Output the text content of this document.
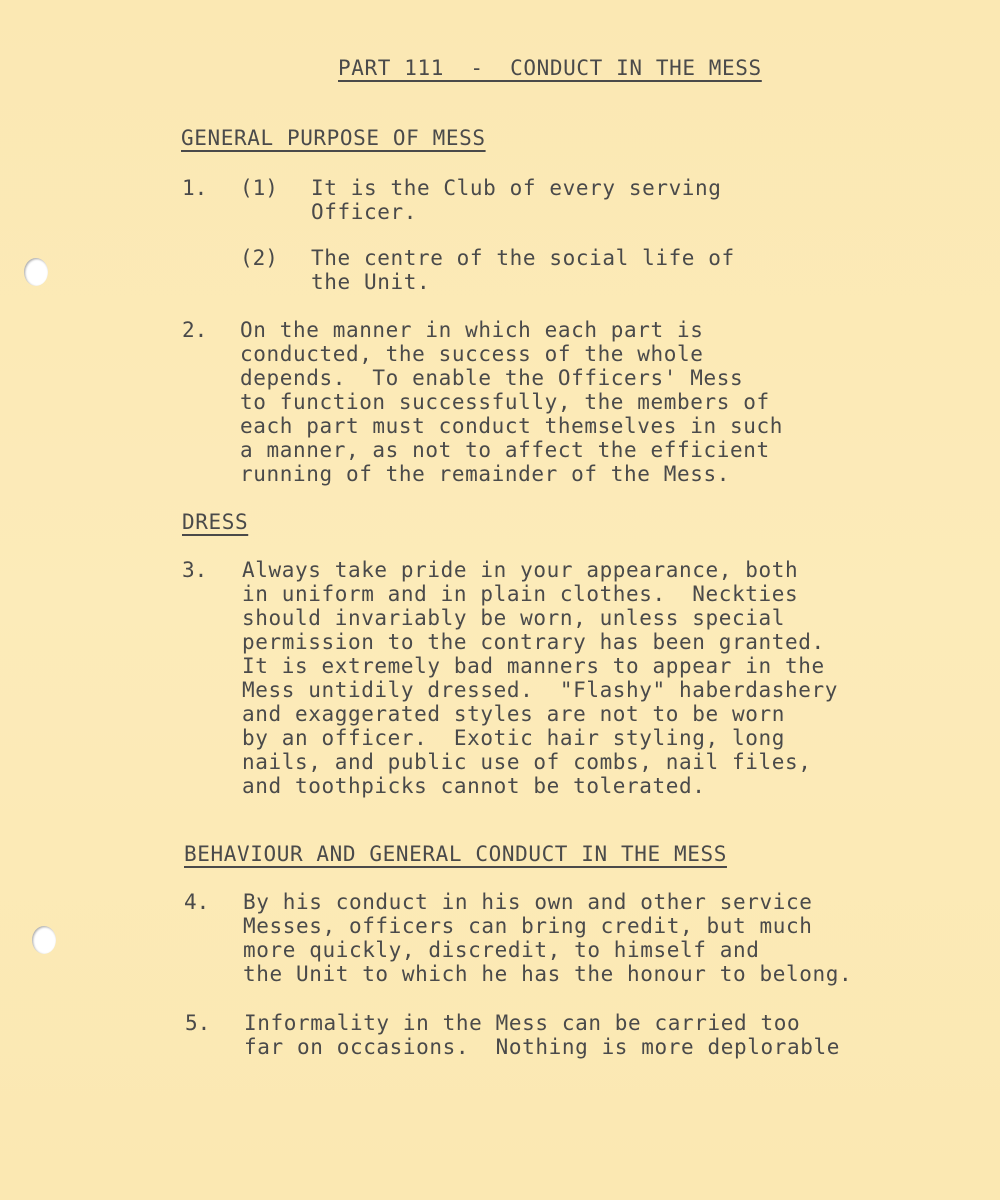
PART 111  -  CONDUCT IN THE MESS

GENERAL PURPOSE OF MESS

1. (1) It is the Club of every serving

Officer.

(2) The centre of the social life of

the Unit.

2. On the manner in which each part is

conducted, the success of the whole

depends.  To enable the Officers' Mess

to function successfully, the members of

each part must conduct themselves in such

a manner, as not to affect the efficient

running of the remainder of the Mess.

DRESS

3. Always take pride in your appearance, both

in uniform and in plain clothes.  Neckties

should invariably be worn, unless special

permission to the contrary has been granted.

It is extremely bad manners to appear in the

Mess untidily dressed.  "Flashy" haberdashery

and exaggerated styles are not to be worn

by an officer.  Exotic hair styling, long

nails, and public use of combs, nail files,

and toothpicks cannot be tolerated.

BEHAVIOUR AND GENERAL CONDUCT IN THE MESS

4. By his conduct in his own and other service

Messes, officers can bring credit, but much

more quickly, discredit, to himself and

the Unit to which he has the honour to belong.

5. Informality in the Mess can be carried too

far on occasions.  Nothing is more deplorable
